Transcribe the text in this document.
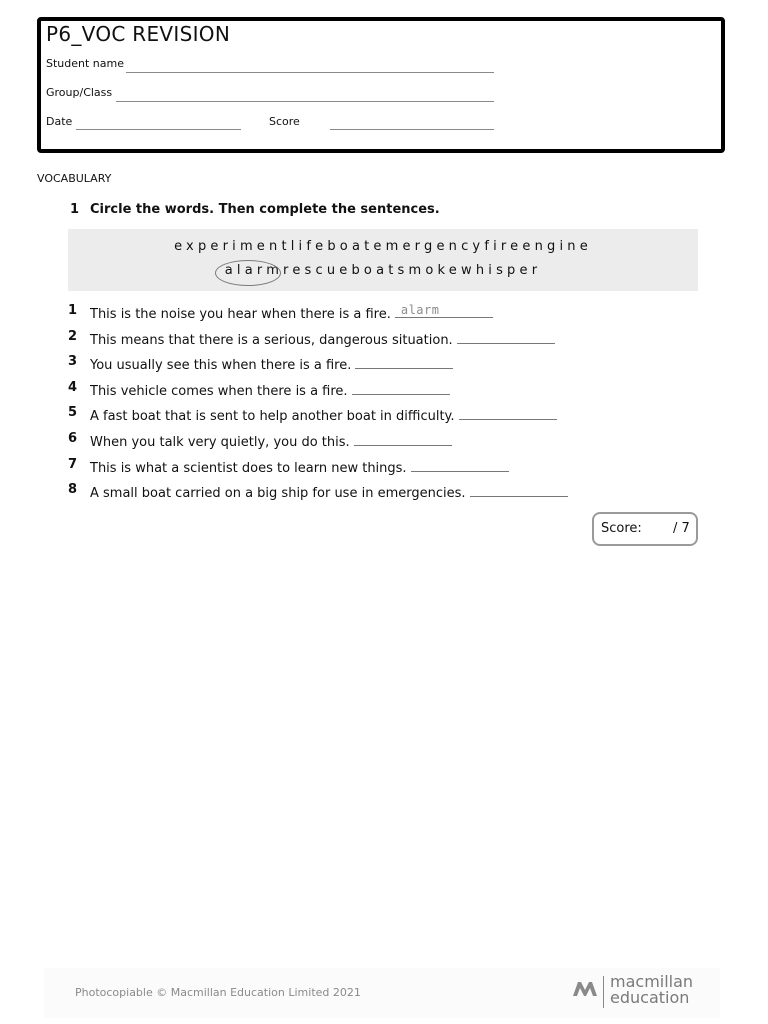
P6_VOC REVISION
Student name
Group/Class
Date	Score
VOCABULARY
1 Circle the words. Then complete the sentences.
experimentlifeboatemergencyfireengine
alarmrescueboatsmokewhisper
1 This is the noise you hear when there is a fire. alarm
2 This means that there is a serious, dangerous situation.
3 You usually see this when there is a fire.
4 This vehicle comes when there is a fire.
5 A fast boat that is sent to help another boat in difficulty.
6 When you talk very quietly, you do this.
7 This is what a scientist does to learn new things.
8 A small boat carried on a big ship for use in emergencies.
Score: / 7
Photocopiable © Macmillan Education Limited 2021
macmillan
education
